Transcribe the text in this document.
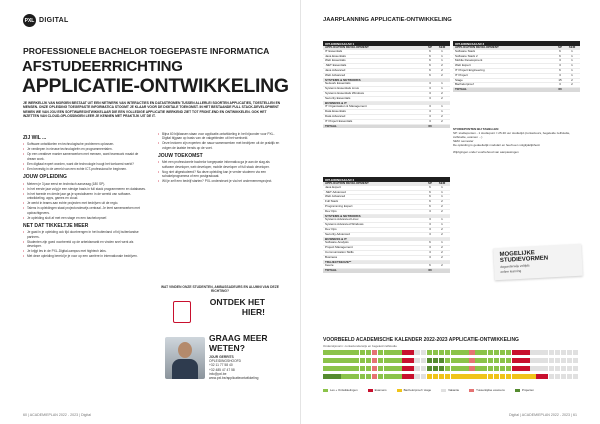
PXL DIGITAL
PROFESSIONELE BACHELOR TOEGEPASTE INFORMATICA
AFSTUDEERRICHTING
APPLICATIE-ONTWIKKELING
JE WERKELIJK VAN MORGEN BESTAAT UIT EEN NETWERK VAN INTERACTIES EN DATASTROMEN TUSSEN ALLERLEI SOORTEN APPLICATIES, TOESTELLEN EN MENSEN. ONZE OPLEIDING TOEGEPASTE INFORMATICA STOOMT JE KLAAR VOOR DE DIGITALE TOEKOMST. IN HET BESTAANDE FULL STACK-DEVELOPMENT NEMEN WE VAN JOU EEN SOFTWAREONTWIKKELAAR DIE EEN VOLLEDIGE APPLICATIE WERKEND ZIET TOT FRONT-END EN ONTWIKKELEN. OOK HET INZETTEN VAN CLOUD-OPLOSSINGEN LEER JE KENNEN MET PRAKTIJK UIT DE IT.
ZIJ WIL ...
• Software ontwikkelen en technologische problemen oplossen.
• Je verdiepen in nieuwe technologieën en programmeertalen.
• Op een creatieve manier samenwerken met mensen, want teamwork maakt de dream work.
• Een digitaal expert worden, want die technologie hoogt het toekomst werkt?
• Een bevestig in de wereld van een echte ICT-professional te beginnen.
JOUW OPLEIDING
• Meteen je 3 jaar eerst en technisch aanvraag (180 SP).
• In het eerste jaar volg je een stevige basis in full stack programmeren en databases.
• In het tweede en derde jaar ga je specialiseren in de wereld van software-ontwikkeling, apps, games en cloud.
• Je werkt in teams aan echte projecten met bedrijven uit de regio.
• Talens in opleidingen staat projectonderwijs centraal. Je leert samenwerken met opdrachtgevers.
• Je opleiding sluit af met een stage en een bachelorproef.
NET DAT TIKKELTJE MEER
• Je gaat in je opleiding ook tijd doorbrengen in het buitenland of bij buitenlandse partners.
• Studenten zijn goed voorbereid op de arbeidsmarkt en vinden snel werk als developer.
• Je krijgt les in de PXL-Digital-campus met hightech labs.
• Met deze opleiding bereid je je voor op een carrière in internationale bedrijven.
• Bijna 60 bijklassen staan voor applicatie-ontwikkeling in het bijzonder voor PXL-Digital bijgaan op basis van de vakgebieden uit het werkveld.
• Onze lectoren zijn experten die nauw samenwerken met bedrijven uit de praktijk en volgen de laatste trends op de voet.
JOUW TOEKOMST
• Met een professionele bachelor toegepaste informatica ga je aan de slag als software developer, web developer, mobile developer of full stack developer.
• Nog niet uitgestudeerd? Na deze opleiding kan je verder studeren via een schakelprogramma of een postgraduaat.
• Wil je zelf een bedrijf starten? PXL ondersteunt je via het ondernemersproject.
WAT VINDEN ONZE STUDENTEN, AMBASSADEURS EN ALUMNI VAN DEZE RICHTING?
ONTDEK HET HIER!
GRAAG MEER WETEN?
JOUR GERRITS
OPLEIDINGSHOOFD
+32 11 77 58 40
+32 485 47 47 58
info@pxl.be
www.pxl.be/applicatieontwikkeling
60 | ACADEMIEPLAN 2022 - 2023 | Digital
JAARPLANNING APPLICATIE-ONTWIKKELING
OPLEIDINGSJAAR 1
APPLICATION DEVELOPMENT	SP	SEM
IT Essentials	6	1
Java Essentials	6	1
Web Essentials	6	1
.NET Essentials	6	2
Java Advanced	6	2
Web Advanced	6	2
SYSTEMS & NETWORKS
Network Essentials	3	1
Systems Essentials Linux	3	1
Systems Essentials Windows	3	2
Security Essentials	3	2
BUSINESS & IT
IT Organisation & Management	3	1
Data Essentials	3	1
Data Advanced	3	2
IT Project Essentials	3	2
TOTAAL	60
OPLEIDINGSJAAR 3
APPLICATION DEVELOPMENT	SP	SEM
Software Stack	6	1
Software Stack 2	6	1
Mobile Development	3	1
Web Expert	3	1
IT Project Engineering	6	1
IT Project	3	1
Stage	15	2
Bachelorproef	3	2
TOTAAL	60
STUDIEPUNTEN BIJ TABELLEN
SP: studiepunten - 1 studiepunt = 25-30 uur studietijd (contactuurs, begeleide zelfstudie, zelfstudie, examen ...)
SEM: semester
De opleiding is gedeeltelijk modulair en heeft een volgtijdelijkheid.
Wijzigingen onder voorbehoud van aanpassingen
OPLEIDINGSJAAR 2
APPLICATION DEVELOPMENT	SP	SEM
Java Expert	6	1
.NET Advanced	6	1
Web Advanced	6	1
Full Stack	6	2
Programming Expert	6	2
Dev Ops	3	2
SYSTEMS & NETWORKS
Systems Advanced Linux	3	1
Systems Advanced Windows	3	1
Dev Ops	3	2
Security Advanced	3	2
BUSINESS & IT
Software Analysis	6	1
Project Management	3	2
Communication Skills	3	2
Business	3	2
TRAJECTKEUZE**
Keuze	6	2
TOTAAL	60
MOGELIJKE STUDIEVORMEN
dagonderwijs voltijds
online learning
VOORBEELD ACADEMISCHE KALENDER 2022-2023 APPLICATIE-ONTWIKKELING
Onderwijsvorm: contactonderwijs en begeleid zelfstudie
Les + Ontwikkelingen	Examens	Bachelorproef / stage	Vakantie	Tussentijdse examens	Projecten
Digital | ACADEMIEPLAN 2022 - 2023 | 61
